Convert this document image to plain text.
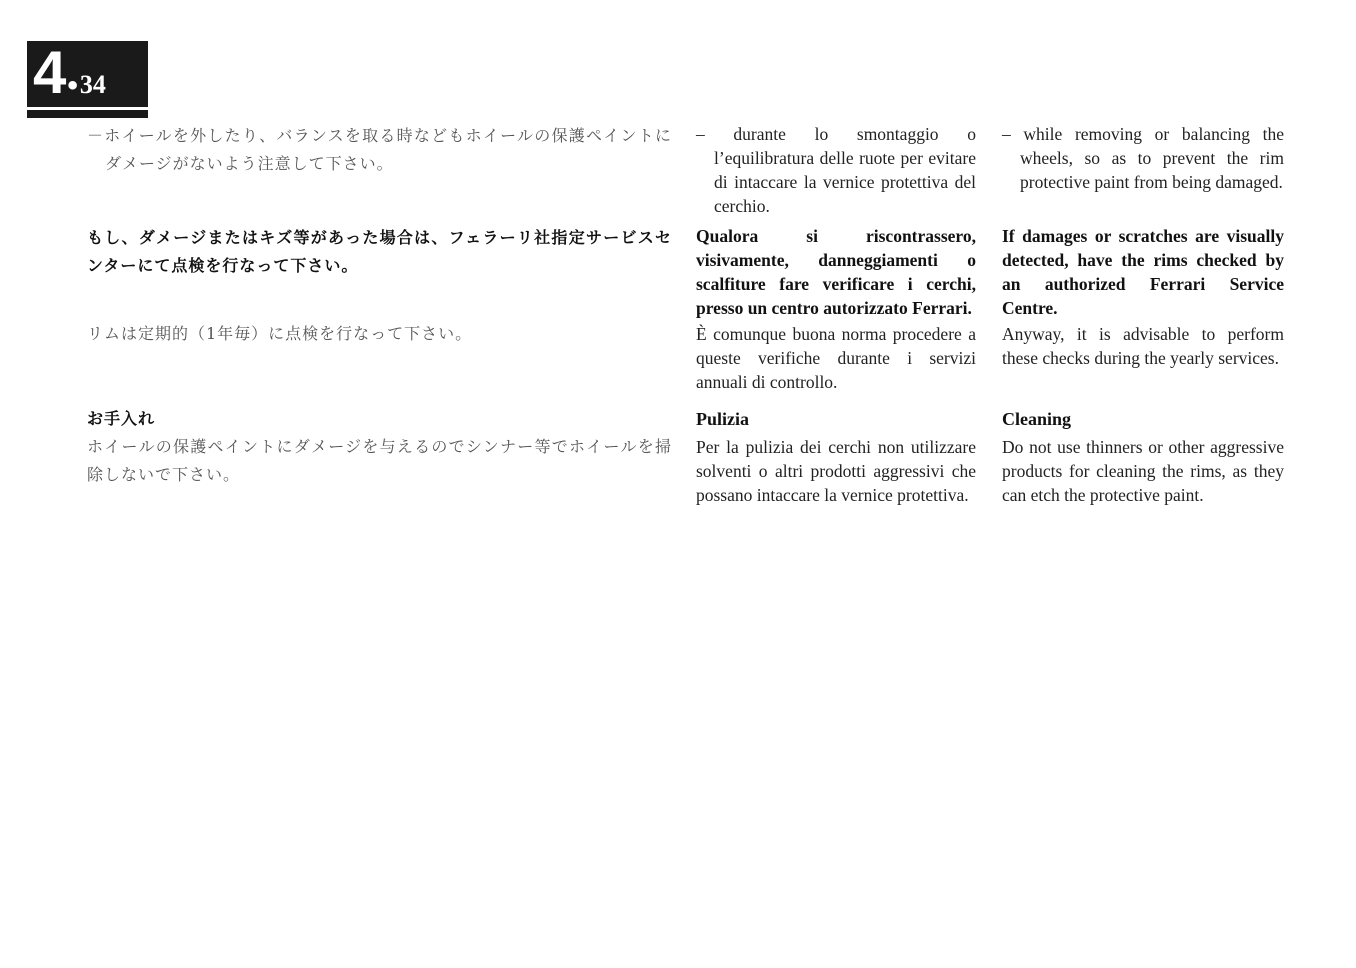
4 • 34

－ホイールを外したり、バランスを取る時などもホイールの保護ペイントにダメージがないよう注意して下さい。

もし、ダメージまたはキズ等があった場合は、フェラーリ社指定サービスセンターにて点検を行なって下さい。

リムは定期的（1年毎）に点検を行なって下さい。

お手入れ

ホイールの保護ペイントにダメージを与えるのでシンナー等でホイールを掃除しないで下さい。

– durante lo smontaggio o l’equilibratura delle ruote per evitare di intaccare la vernice protettiva del cerchio.

Qualora si riscontrassero, visivamente, danneggiamenti o scalfiture fare verificare i cerchi, presso un centro autorizzato Ferrari.

È comunque buona norma procedere a queste verifiche durante i servizi annuali di controllo.

Pulizia

Per la pulizia dei cerchi non utilizzare solventi o altri prodotti aggressivi che possano intaccare la vernice protettiva.

– while removing or balancing the wheels, so as to prevent the rim protective paint from being damaged.

If damages or scratches are visually detected, have the rims checked by an authorized Ferrari Service Centre.

Anyway, it is advisable to perform these checks during the yearly services.

Cleaning

Do not use thinners or other aggressive products for cleaning the rims, as they can etch the protective paint.
